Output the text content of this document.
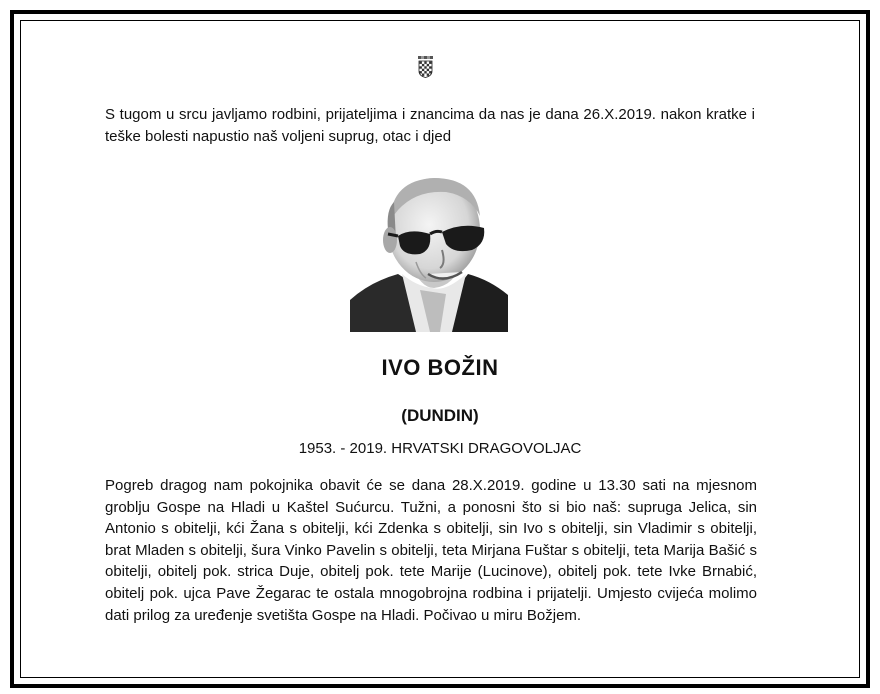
S tugom u srcu javljamo rodbini, prijateljima i znancima da nas je dana 26.X.2019. nakon kratke i teške bolesti napustio naš voljeni suprug, otac i djed
IVO BOŽIN
(DUNDIN)
1953. - 2019. HRVATSKI DRAGOVOLJAC
Pogreb dragog nam pokojnika obavit će se dana 28.X.2019. godine u 13.30 sati na mjesnom groblju Gospe na Hladi u Kaštel Sućurcu. Tužni, a ponosni što si bio naš: supruga Jelica, sin Antonio s obitelji, kći Žana s obitelji, kći Zdenka s obitelji, sin Ivo s obitelji, sin Vladimir s obitelji, brat Mladen s obitelji, šura Vinko Pavelin s obitelji, teta Mirjana Fuštar s obitelji, teta Marija Bašić s obitelji, obitelj pok. strica Duje, obitelj pok. tete Marije (Lucinove), obitelj pok. tete Ivke Brnabić, obitelj pok. ujca Pave Žegarac te ostala mnogobrojna rodbina i prijatelji. Umjesto cvijeća molimo dati prilog za uređenje svetišta Gospe na Hladi. Počivao u miru Božjem.
